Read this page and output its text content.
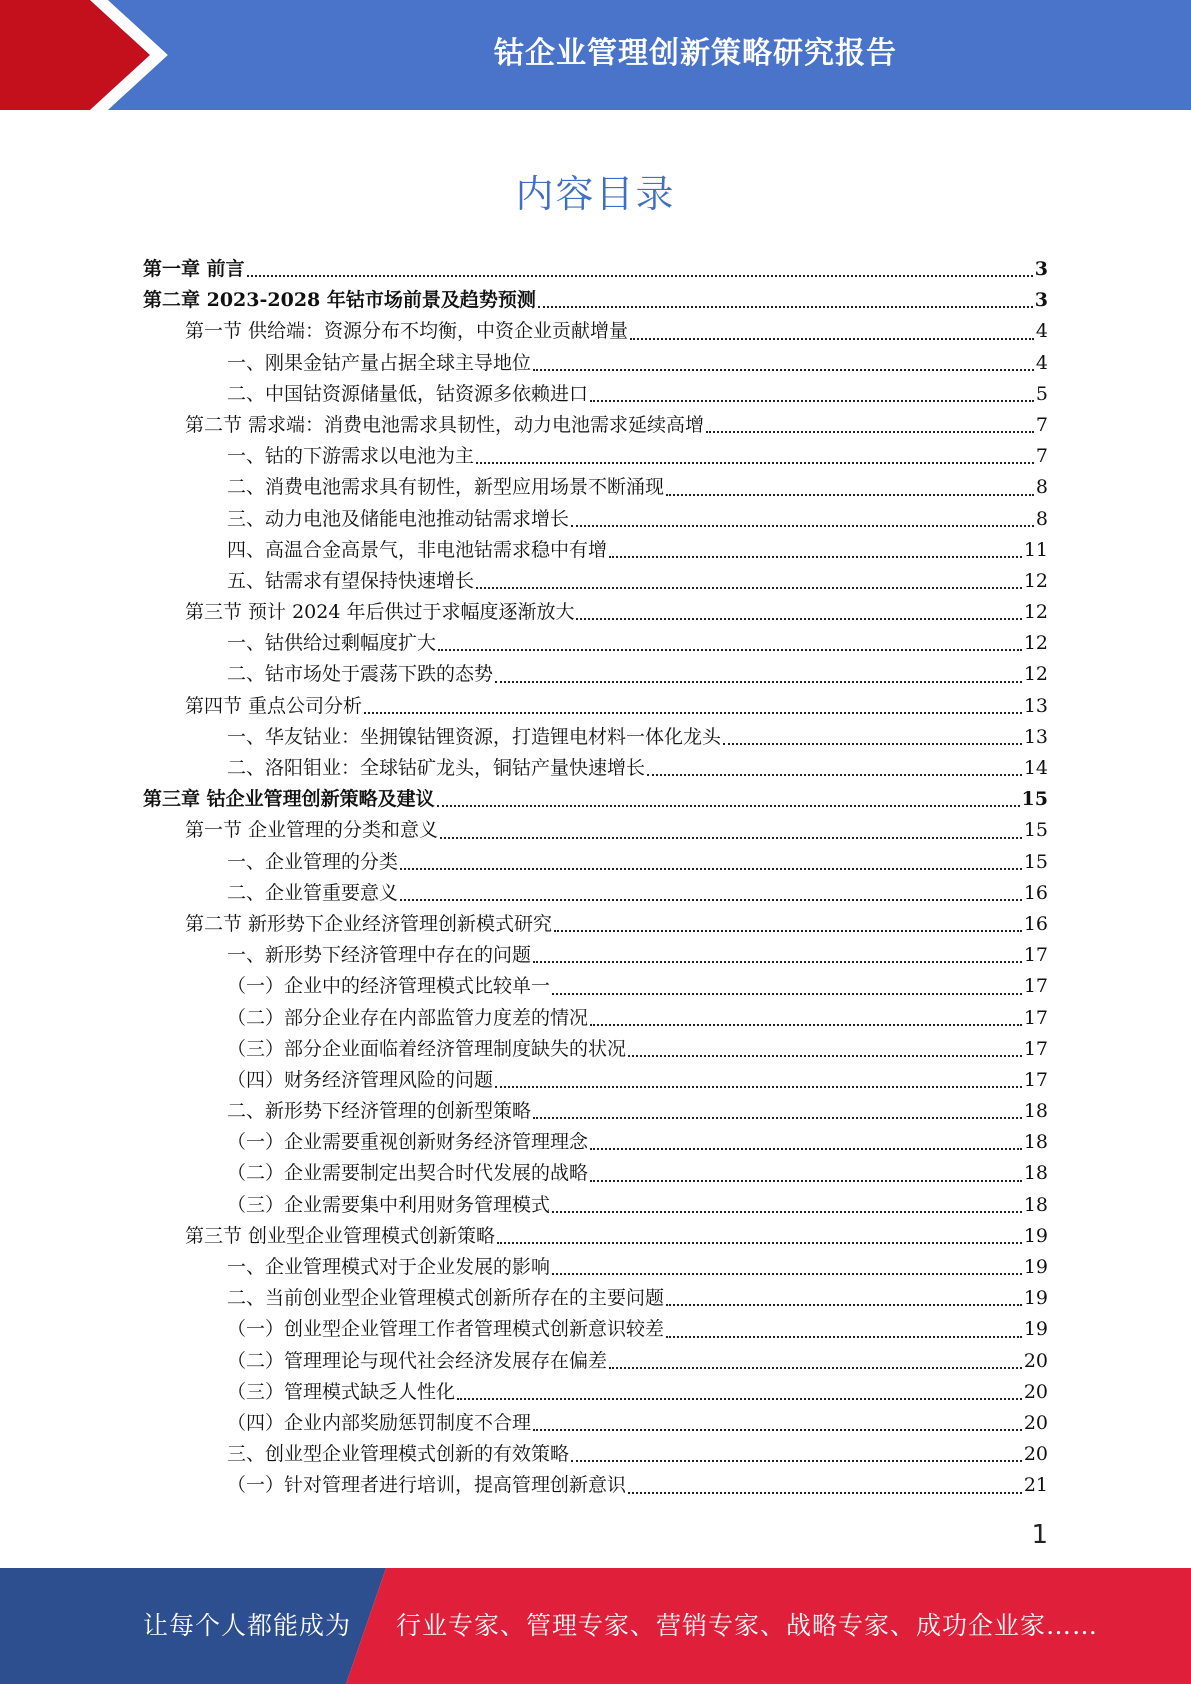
钴企业管理创新策略研究报告
内容目录
第一章 前言	3
第二章 2023-2028 年钴市场前景及趋势预测	3
第一节 供给端：资源分布不均衡，中资企业贡献增量	4
一、刚果金钴产量占据全球主导地位	4
二、中国钴资源储量低，钴资源多依赖进口	5
第二节 需求端：消费电池需求具韧性，动力电池需求延续高增	7
一、钴的下游需求以电池为主	7
二、消费电池需求具有韧性，新型应用场景不断涌现	8
三、动力电池及储能电池推动钴需求增长	8
四、高温合金高景气，非电池钴需求稳中有增	11
五、钴需求有望保持快速增长	12
第三节 预计 2024 年后供过于求幅度逐渐放大	12
一、钴供给过剩幅度扩大	12
二、钴市场处于震荡下跌的态势	12
第四节 重点公司分析	13
一、华友钴业：坐拥镍钴锂资源，打造锂电材料一体化龙头	13
二、洛阳钼业：全球钴矿龙头，铜钴产量快速增长	14
第三章 钴企业管理创新策略及建议	15
第一节 企业管理的分类和意义	15
一、企业管理的分类	15
二、企业管重要意义	16
第二节 新形势下企业经济管理创新模式研究	16
一、新形势下经济管理中存在的问题	17
（一）企业中的经济管理模式比较单一	17
（二）部分企业存在内部监管力度差的情况	17
（三）部分企业面临着经济管理制度缺失的状况	17
（四）财务经济管理风险的问题	17
二、新形势下经济管理的创新型策略	18
（一）企业需要重视创新财务经济管理理念	18
（二）企业需要制定出契合时代发展的战略	18
（三）企业需要集中利用财务管理模式	18
第三节 创业型企业管理模式创新策略	19
一、企业管理模式对于企业发展的影响	19
二、当前创业型企业管理模式创新所存在的主要问题	19
（一）创业型企业管理工作者管理模式创新意识较差	19
（二）管理理论与现代社会经济发展存在偏差	20
（三）管理模式缺乏人性化	20
（四）企业内部奖励惩罚制度不合理	20
三、创业型企业管理模式创新的有效策略	20
（一）针对管理者进行培训，提高管理创新意识	21
1
让每个人都能成为 行业专家、管理专家、营销专家、战略专家、成功企业家……
